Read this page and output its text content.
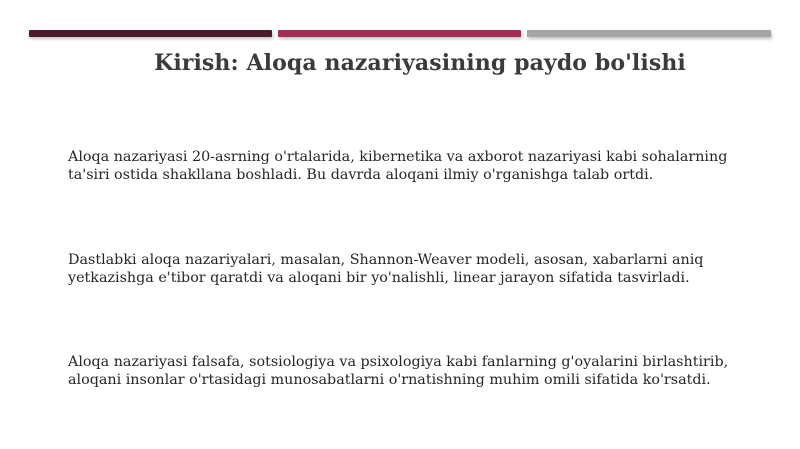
Kirish: Aloqa nazariyasining paydo bo'lishi

Aloqa nazariyasi 20-asrning o'rtalarida, kibernetika va axborot nazariyasi kabi sohalarning ta'siri ostida shakllana boshladi. Bu davrda aloqani ilmiy o'rganishga talab ortdi.

Dastlabki aloqa nazariyalari, masalan, Shannon-Weaver modeli, asosan, xabarlarni aniq yetkazishga e'tibor qaratdi va aloqani bir yo'nalishli, linear jarayon sifatida tasvirladi.

Aloqa nazariyasi falsafa, sotsiologiya va psixologiya kabi fanlarning g'oyalarini birlashtirib, aloqani insonlar o'rtasidagi munosabatlarni o'rnatishning muhim omili sifatida ko'rsatdi.
